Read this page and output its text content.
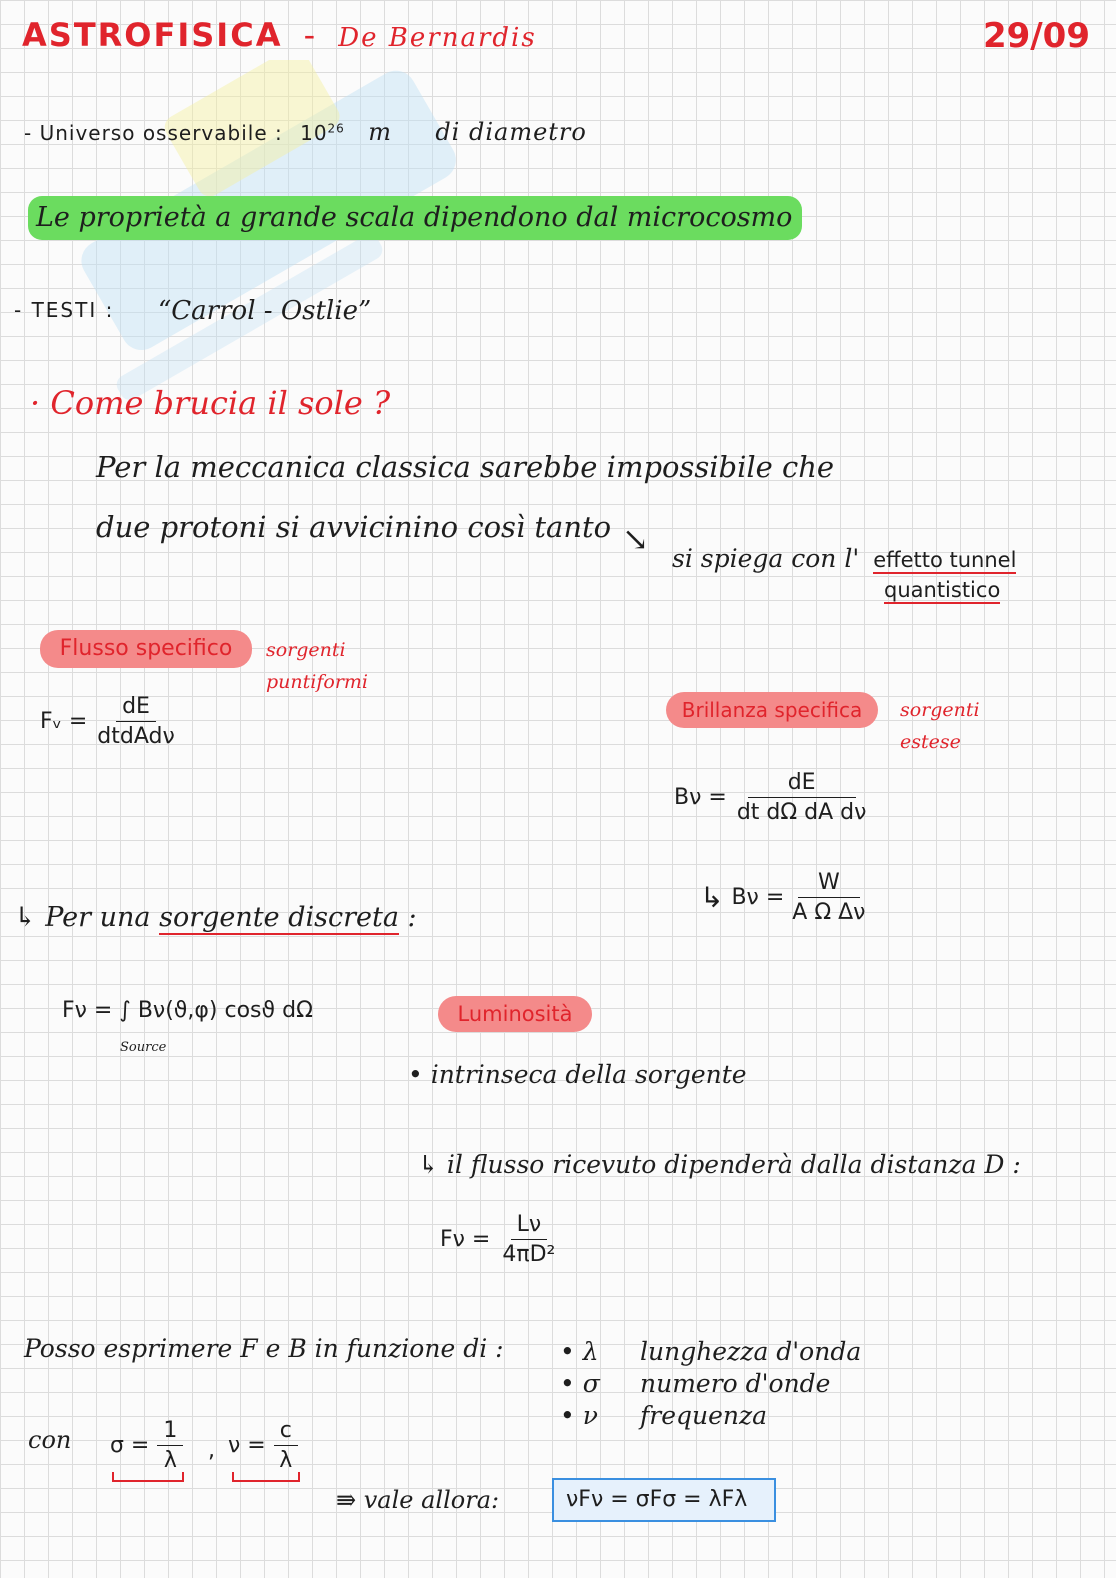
ASTROFISICA - De Bernardis	29/09
- Universo osservabile : $10^{26}$ m di diametro
Le proprietà a grande scala dipendono dal microcosmo
- TESTI : “Carrol - Ostlie”
· Come brucia il sole ?
Per la meccanica classica sarebbe impossibile che
due protoni si avvicinino così tanto ↘
si spiega con l' effetto tunnel
quantistico
Flusso specifico	sorgenti
puntiformi
Fᵥ = $\frac{dE}{\text{dtdAdν}}$	Brillanza specifica	sorgenti
estese
$B\nu = \frac{dE}{\text{dt dΩ dA dν}}$
↳ $B\nu = \frac{W}{\text{A Ω Δν}}$
↳ Per una sorgente discreta :
Fν = ∫ Bν(ϑ,φ) cosϑ dΩ
Source
Luminosità
• intrinseca della sorgente
↳ il flusso ricevuto dipenderà dalla distanza D :
$F\nu = \frac{L\nu}{\text{4πD²}}$
Posso esprimere F e B in funzione di : • λ lunghezza d'onda
• σ numero d'onde
• ν frequenza
con $\sigma = \frac{1}{\lambda}$ , $\nu = \frac{c}{\lambda}$
⇛ vale allora:	νFν = σFσ = λFλ
